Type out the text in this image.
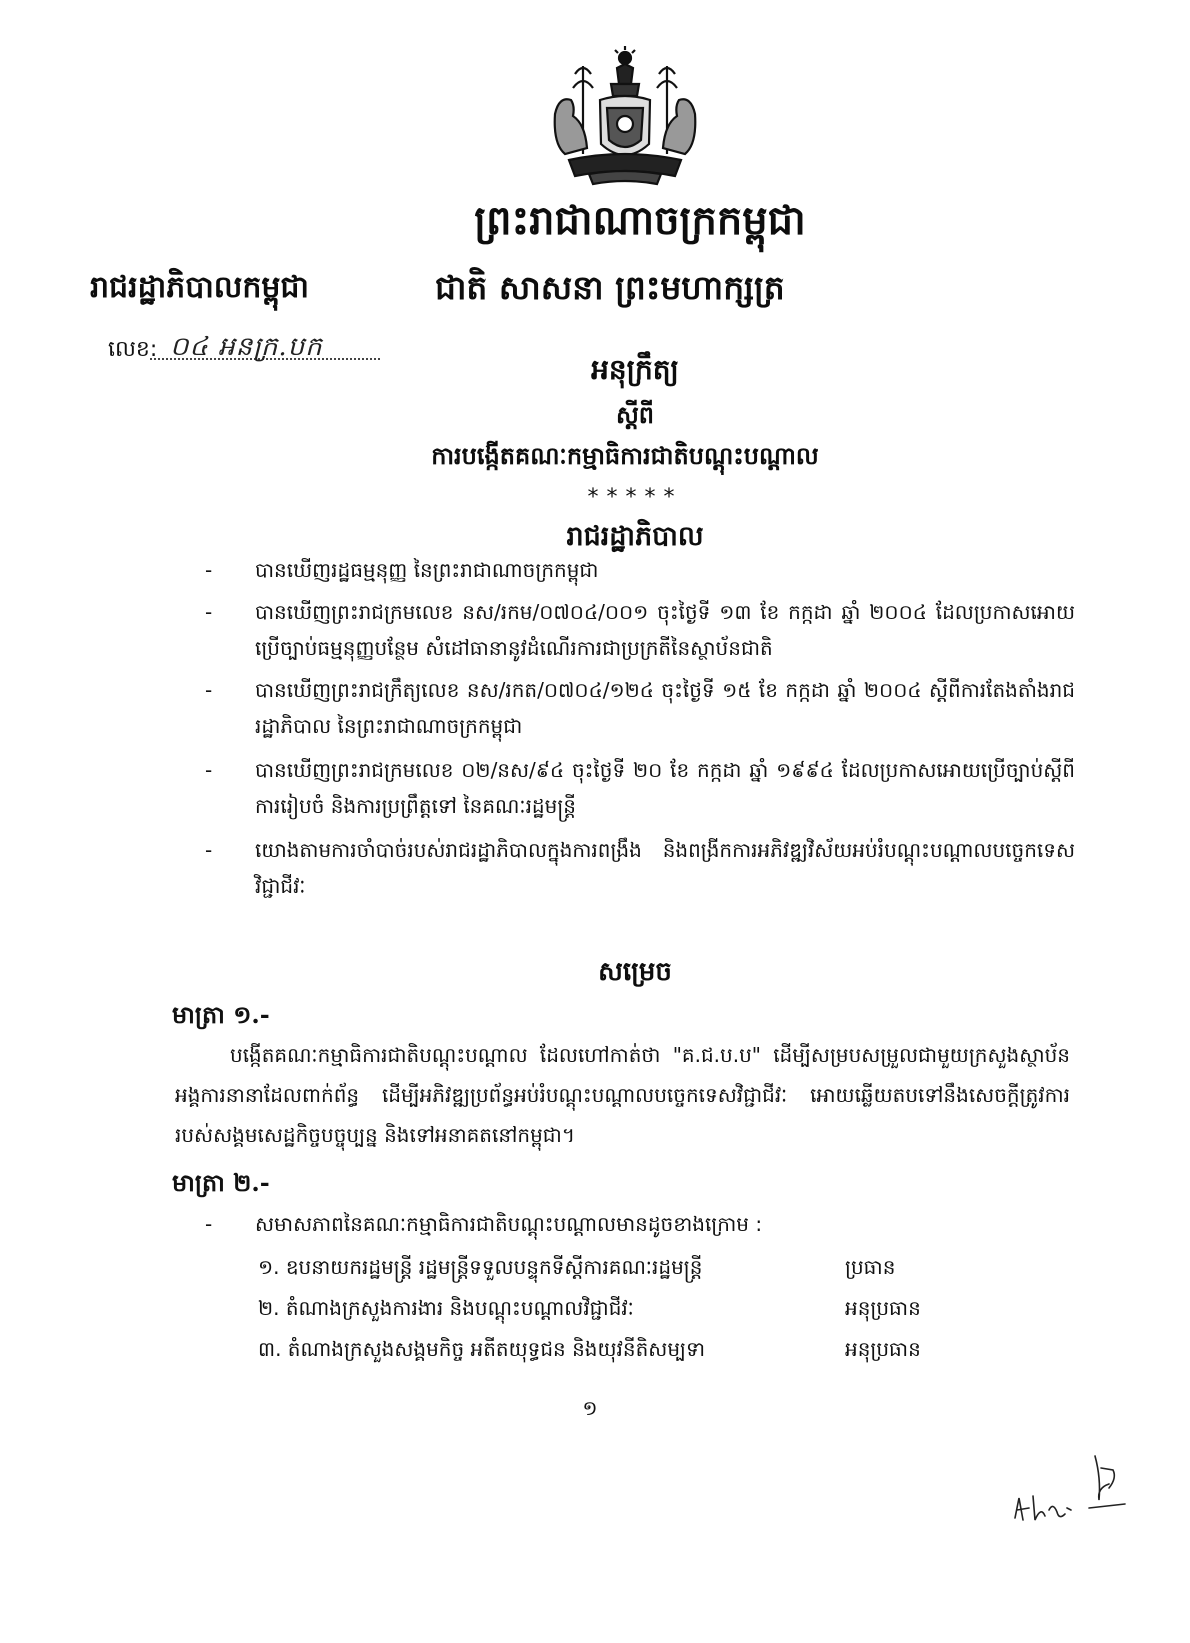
ព្រះរាជាណាចក្រកម្ពុជា
រាជរដ្ឋាភិបាលកម្ពុជា	ជាតិ សាសនា ព្រះមហាក្សត្រ
លេខ: ០៤ អនក្រ.បក
អនុក្រឹត្យ
ស្តីពី
ការបង្កើតគណៈកម្មាធិការជាតិបណ្តុះបណ្តាល
*****
រាជរដ្ឋាភិបាល
- បានឃើញរដ្ឋធម្មនុញ្ញ នៃព្រះរាជាណាចក្រកម្ពុជា
- បានឃើញព្រះរាជក្រមលេខ នស/រកម/០៧០៤/០០១ ចុះថ្ងៃទី ១៣ ខែ កក្កដា ឆ្នាំ ២០០៤ ដែលប្រកាសអោយប្រើច្បាប់ធម្មនុញ្ញបន្ថែម សំដៅធានានូវដំណើរការជាប្រក្រតីនៃស្ថាប័នជាតិ
- បានឃើញព្រះរាជក្រឹត្យលេខ នស/រកត/០៧០៤/១២៤ ចុះថ្ងៃទី ១៥ ខែ កក្កដា ឆ្នាំ ២០០៤ ស្តីពីការតែងតាំងរាជរដ្ឋាភិបាល នៃព្រះរាជាណាចក្រកម្ពុជា
- បានឃើញព្រះរាជក្រមលេខ ០២/នស/៩៤ ចុះថ្ងៃទី ២០ ខែ កក្កដា ឆ្នាំ ១៩៩៤ ដែលប្រកាសអោយប្រើច្បាប់ស្តីពីការរៀបចំ និងការប្រព្រឹត្តទៅ នៃគណៈរដ្ឋមន្ត្រី
- យោងតាមការចាំបាច់របស់រាជរដ្ឋាភិបាលក្នុងការពង្រឹង និងពង្រីកការអភិវឌ្ឍវិស័យអប់រំបណ្តុះបណ្តាលបច្ចេកទេសវិជ្ជាជីវៈ
សម្រេច
មាត្រា ១.-
បង្កើតគណៈកម្មាធិការជាតិបណ្តុះបណ្តាល ដែលហៅកាត់ថា "គ.ជ.ប.ប" ដើម្បីសម្របសម្រួលជាមួយក្រសួងស្ថាប័នអង្គការនានាដែលពាក់ព័ន្ធ ដើម្បីអភិវឌ្ឍប្រព័ន្ធអប់រំបណ្តុះបណ្តាលបច្ចេកទេសវិជ្ជាជីវៈ អោយឆ្លើយតបទៅនឹងសេចក្តីត្រូវការរបស់សង្គមសេដ្ឋកិច្ចបច្ចុប្បន្ន និងទៅអនាគតនៅកម្ពុជា។
មាត្រា ២.-
- សមាសភាពនៃគណៈកម្មាធិការជាតិបណ្តុះបណ្តាលមានដូចខាងក្រោម :
១. ឧបនាយករដ្ឋមន្ត្រី រដ្ឋមន្ត្រីទទួលបន្ទុកទីស្តីការគណៈរដ្ឋមន្ត្រី	ប្រធាន
២. តំណាងក្រសួងការងារ និងបណ្តុះបណ្តាលវិជ្ជាជីវៈ	អនុប្រធាន
៣. តំណាងក្រសួងសង្គមកិច្ច អតីតយុទ្ធជន និងយុវនីតិសម្បទា	អនុប្រធាន
១
